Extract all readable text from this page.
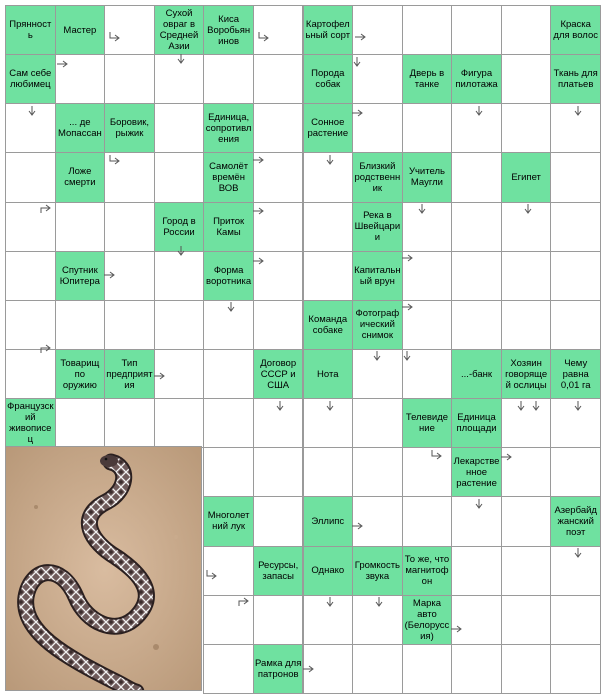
Прянность	Мастер
Сухой овраг в Средней Азии
Киса Воробьянинов
Картофельный сорт
Краска для волос
Сам себе любимец
Порода собак
Дверь в танке
Фигура пилотажа
Ткань для платьев
... де Мопассан
Боровик, рыжик
Единица, сопротивления
Сонное растение
Ложе смерти
Самолёт времён ВОВ
Близкий родственник
Учитель Маугли	Египет
Город в России
Приток Камы
Река в Швейцарии
Спутник Юпитера
Форма воротника
Капитальный врун
Команда собаке
Фотографический снимок
Товарищ по оружию
Тип предприятия
Договор СССР и США
Нота	...-банк
Хозяин говорящей ослицы
Чему равна 0,01 га
Французский живописец
Телевидение
Единица площади
Лекарственное растение
Многолетний лук	Эллипс
Азербайджанский поэт
Ресурсы, запасы	Однако	Громкость звука
То же, что магнитофон
Марка авто (Белоруссия)
Рамка для патронов
